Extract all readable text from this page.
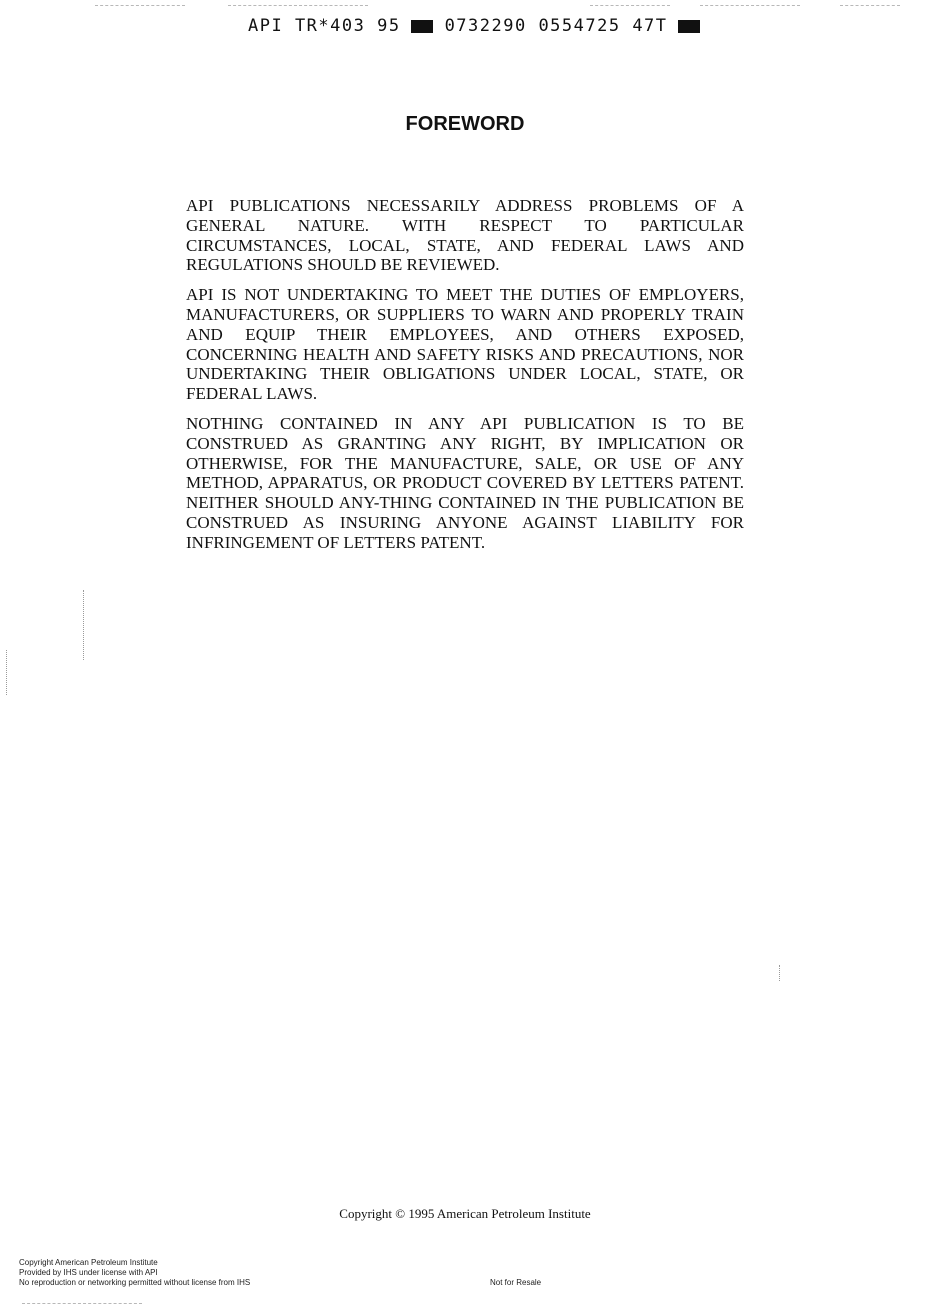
API TR*403 95	0732290 0554725 47T
FOREWORD

API PUBLICATIONS NECESSARILY ADDRESS PROBLEMS OF A GENERAL NATURE. WITH RESPECT TO PARTICULAR CIRCUMSTANCES, LOCAL, STATE, AND FEDERAL LAWS AND REGULATIONS SHOULD BE REVIEWED.

API IS NOT UNDERTAKING TO MEET THE DUTIES OF EMPLOYERS, MANUFACTURERS, OR SUPPLIERS TO WARN AND PROPERLY TRAIN AND EQUIP THEIR EMPLOYEES, AND OTHERS EXPOSED, CONCERNING HEALTH AND SAFETY RISKS AND PRECAUTIONS, NOR UNDERTAKING THEIR OBLIGATIONS UNDER LOCAL, STATE, OR FEDERAL LAWS.

NOTHING CONTAINED IN ANY API PUBLICATION IS TO BE CONSTRUED AS GRANTING ANY RIGHT, BY IMPLICATION OR OTHERWISE, FOR THE MANUFACTURE, SALE, OR USE OF ANY METHOD, APPARATUS, OR PRODUCT COVERED BY LETTERS PATENT. NEITHER SHOULD ANY-THING CONTAINED IN THE PUBLICATION BE CONSTRUED AS INSURING ANYONE AGAINST LIABILITY FOR INFRINGEMENT OF LETTERS PATENT.

Copyright © 1995 American Petroleum Institute
Copyright American Petroleum Institute
Provided by IHS under license with API
No reproduction or networking permitted without license from IHS	Not for Resale
